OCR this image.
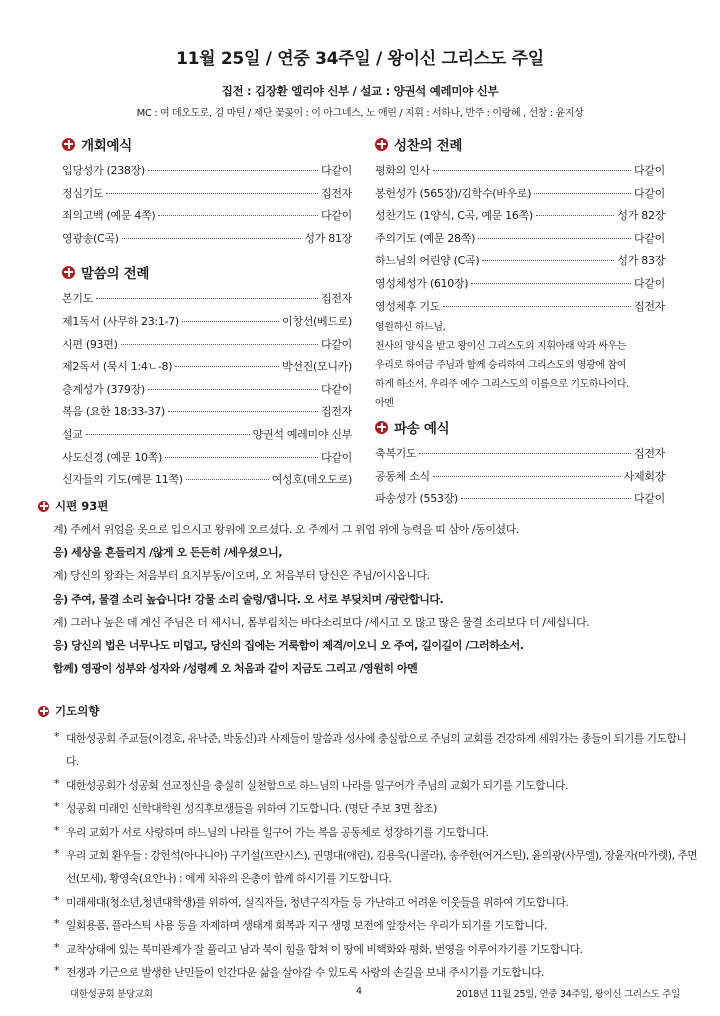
11월 25일 / 연중 34주일 / 왕이신 그리스도 주일
집전 : 김장환 엘리야 신부 / 설교 : 양권석 예레미야 신부
MC : 여 데오도로, 김 마틴 / 제단 꽃꽂이 : 이 아그네스, 노 애린 / 지휘 : 서하나, 반주 : 이랑혜 , 선창 : 윤지상
개회예식
입당성가 (238장)	다같이
정심기도	집전자
죄의고백 (예문 4쪽)	다같이
영광송(C곡)	성가 81장
말씀의 전례
본기도	집전자
제1독서 (사무하 23:1-7)	이창선(베드로)
시편 (93편)	다같이
제2독서 (묵시 1:4ㄴ-8)	박선진(모니카)
층계성가 (379장)	다같이
복음 (요한 18:33-37)	집전자
설교	양권석 예레미야 신부
사도신경 (예문 10쪽)	다같이
신자들의 기도(예문 11쪽)	여성호(데오도로)
성찬의 전례
평화의 인사	다같이
봉헌성가 (565장)/김학수(바우로)	다같이
성찬기도 (1양식, C곡, 예문 16쪽)	성가 82장
주의기도 (예문 28쪽)	다같이
하느님의 어린양 (C곡)	성가 83장
영성체성가 (610장)	다같이
영성체후 기도	집전자
영원하신 하느님,
천사의 양식을 받고 왕이신 그리스도의 지휘아래 악과 싸우는
우리로 하여금 주님과 함께 승리하여 그리스도의 영광에 참여
하게 하소서. 우리주 예수 그리스도의 이름으로 기도하나이다.
아멘
파송 예식
축복기도	집전자
공동체 소식	사제회장
파송성가 (553장)	다같이
시편 93편
계) 주께서 위엄을 옷으로 입으시고 왕위에 오르셨다. 오 주께서 그 위엄 위에 능력을 띠 삼아 /동이셨다.
응) 세상을 흔들리지 /않게 오 든든히 /세우셨으니,
계) 당신의 왕좌는 처음부터 요지부동/이오며, 오 처음부터 당신은 주님/이시옵니다.
응) 주여, 물결 소리 높습니다! 강물 소리 술렁/댑니다. 오 서로 부딪치며 /광란합니다.
계) 그러나 높은 데 계신 주님은 더 세시니, 몸부림치는 바다소리보다 /세시고 오 많고 많은 물결 소리보다 더 /세십니다.
응) 당신의 법은 너무나도 미덥고, 당신의 집에는 거룩함이 제격/이오니 오 주여, 길이길이 /그러하소서.
함께) 영광이 성부와 성자와 /성령께 오 처음과 같이 지금도 그리고 /영원히 아멘
기도의향
* 대한성공회 주교들(이경호, 유낙준, 박동신)과 사제들이 말씀과 성사에 충실함으로 주님의 교회를 건강하게 세워가는 종들이 되기를 기도합니다.
* 대한성공회가 성공회 선교정신을 충실히 실천함으로 하느님의 나라를 일구어가 주님의 교회가 되기를 기도합니다.
* 성공회 미래인 신학대학원 성직후보생들을 위하여 기도합니다. (명단 주보 3면 참조)
* 우리 교회가 서로 사랑하며 하느님의 나라를 일구어 가는 복음 공동체로 성장하기를 기도합니다.
* 우리 교회 환우들 : 강헌석(아나니아) 구기설(프란시스), 권명대(애린), 김용욱(니콜라), 송주한(어거스틴), 윤의광(사무엘), 장윤자(마가렛), 주면선(모세), 황영숙(요안나) : 에게 치유의 은총이 함께 하시기를 기도합니다.
* 미래세대(청소년,청년대학생)를 위하여, 실직자들, 청년구직자들 등 가난하고 어려운 이웃들을 위하여 기도합니다.
* 일회용품, 플라스틱 사용 등을 자제하며 생태계 회복과 지구 생명 보전에 앞장서는 우리가 되기를 기도합니다.
* 교착상태에 있는 북미관계가 잘 풀리고 남과 북이 힘을 합쳐 이 땅에 비핵화와 평화, 번영을 이루어가기를 기도합니다.
* 전쟁과 기근으로 발생한 난민들이 인간다운 삶을 살아갈 수 있도록 사랑의 손길을 보내 주시기를 기도합니다.
대한성공회 분당교회	4	2018년 11월 25일, 연중 34주일, 왕이신 그리스도 주일
